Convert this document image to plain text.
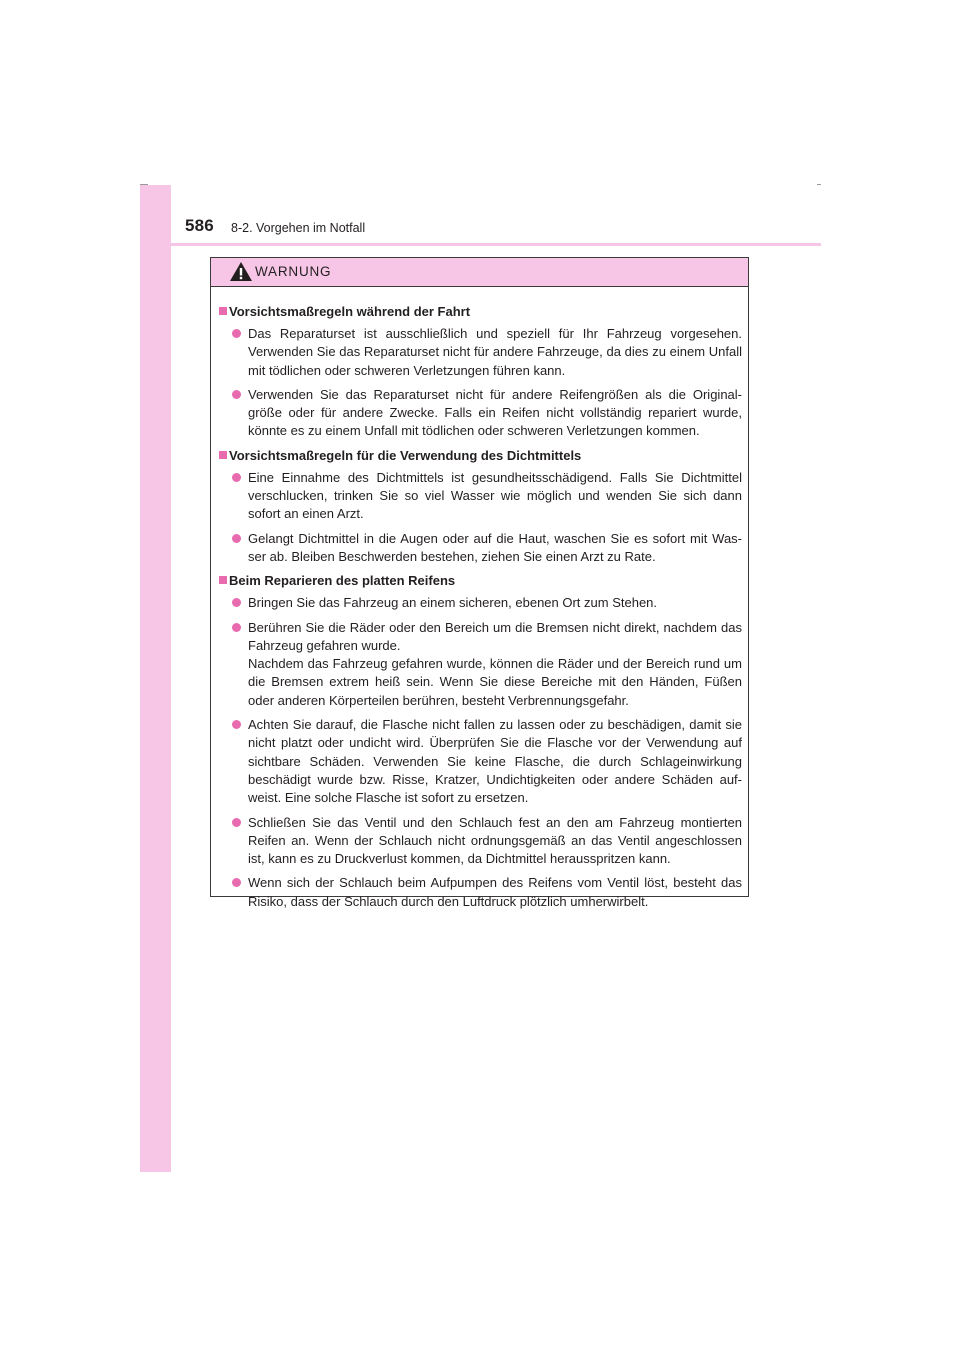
586 8-2. Vorgehen im Notfall
WARNUNG
Vorsichtsmaßregeln während der Fahrt

Das Reparaturset ist ausschließlich und speziell für Ihr Fahrzeug vorgesehen. Verwenden Sie das Reparaturset nicht für andere Fahrzeuge, da dies zu einem Unfall mit tödlichen oder schweren Verletzungen führen kann.

Verwenden Sie das Reparaturset nicht für andere Reifengrößen als die Original-größe oder für andere Zwecke. Falls ein Reifen nicht vollständig repariert wurde, könnte es zu einem Unfall mit tödlichen oder schweren Verletzungen kommen.

Vorsichtsmaßregeln für die Verwendung des Dichtmittels

Eine Einnahme des Dichtmittels ist gesundheitsschädigend. Falls Sie Dichtmittel verschlucken, trinken Sie so viel Wasser wie möglich und wenden Sie sich dann sofort an einen Arzt.

Gelangt Dichtmittel in die Augen oder auf die Haut, waschen Sie es sofort mit Was-ser ab. Bleiben Beschwerden bestehen, ziehen Sie einen Arzt zu Rate.

Beim Reparieren des platten Reifens

Bringen Sie das Fahrzeug an einem sicheren, ebenen Ort zum Stehen.

Berühren Sie die Räder oder den Bereich um die Bremsen nicht direkt, nachdem das Fahrzeug gefahren wurde.

Nachdem das Fahrzeug gefahren wurde, können die Räder und der Bereich rund um die Bremsen extrem heiß sein. Wenn Sie diese Bereiche mit den Händen, Füßen oder anderen Körperteilen berühren, besteht Verbrennungsgefahr.

Achten Sie darauf, die Flasche nicht fallen zu lassen oder zu beschädigen, damit sie nicht platzt oder undicht wird. Überprüfen Sie die Flasche vor der Verwendung auf sichtbare Schäden. Verwenden Sie keine Flasche, die durch Schlageinwirkung beschädigt wurde bzw. Risse, Kratzer, Undichtigkeiten oder andere Schäden auf-weist. Eine solche Flasche ist sofort zu ersetzen.

Schließen Sie das Ventil und den Schlauch fest an den am Fahrzeug montierten Reifen an. Wenn der Schlauch nicht ordnungsgemäß an das Ventil angeschlossen ist, kann es zu Druckverlust kommen, da Dichtmittel herausspritzen kann.

Wenn sich der Schlauch beim Aufpumpen des Reifens vom Ventil löst, besteht das Risiko, dass der Schlauch durch den Luftdruck plötzlich umherwirbelt.
